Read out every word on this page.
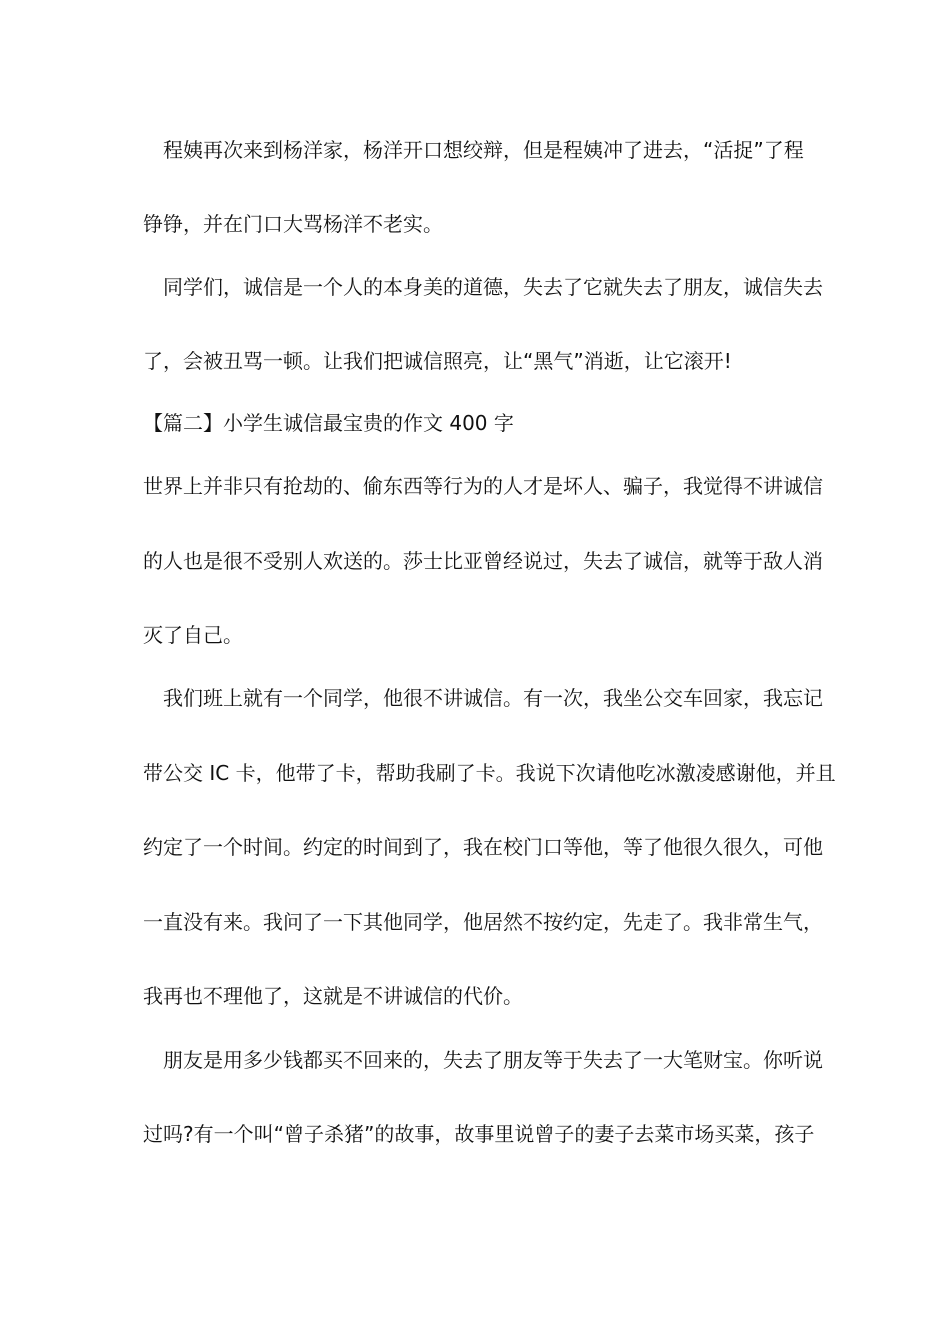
　程姨再次来到杨洋家，杨洋开口想绞辩，但是程姨冲了进去，“活捉”了程
铮铮，并在门口大骂杨洋不老实。
　同学们，诚信是一个人的本身美的道德，失去了它就失去了朋友，诚信失去
了，会被丑骂一顿。让我们把诚信照亮，让“黑气”消逝，让它滚开!
【篇二】小学生诚信最宝贵的作文 400 字
世界上并非只有抢劫的、偷东西等行为的人才是坏人、骗子，我觉得不讲诚信
的人也是很不受别人欢送的。莎士比亚曾经说过，失去了诚信，就等于敌人消
灭了自己。
　我们班上就有一个同学，他很不讲诚信。有一次，我坐公交车回家，我忘记
带公交 IC 卡，他带了卡，帮助我刷了卡。我说下次请他吃冰激凌感谢他，并且
约定了一个时间。约定的时间到了，我在校门口等他，等了他很久很久，可他
一直没有来。我问了一下其他同学，他居然不按约定，先走了。我非常生气，
我再也不理他了，这就是不讲诚信的代价。
　朋友是用多少钱都买不回来的，失去了朋友等于失去了一大笔财宝。你听说
过吗?有一个叫“曾子杀猪”的故事，故事里说曾子的妻子去菜市场买菜，孩子
